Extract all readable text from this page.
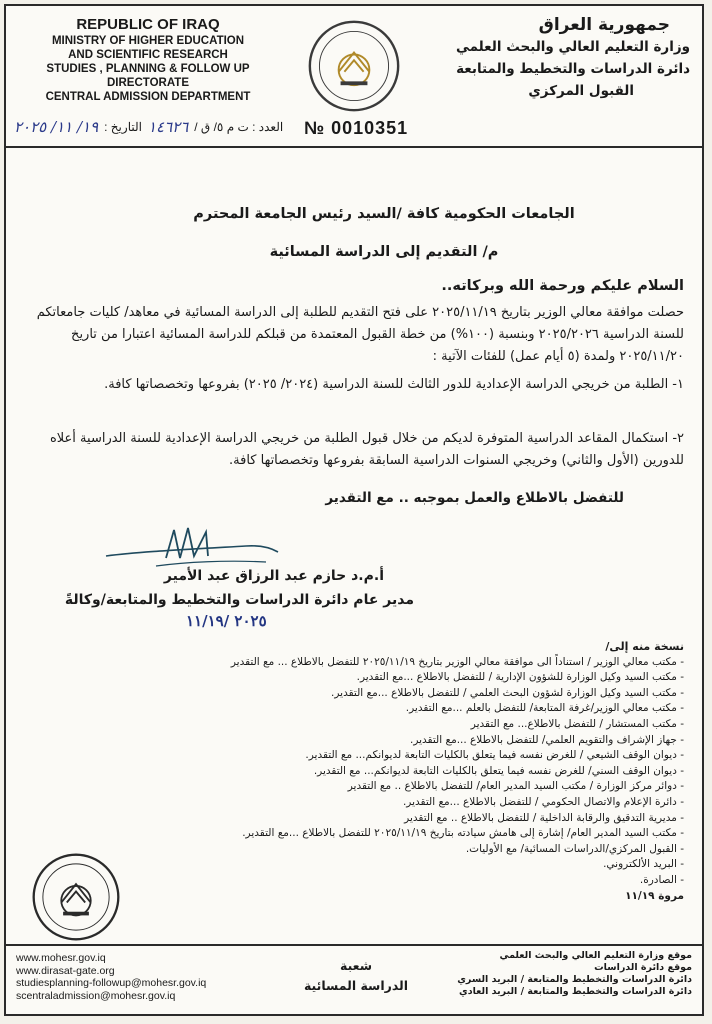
REPUBLIC OF IRAQ
MINISTRY OF HIGHER EDUCATION
AND SCIENTIFIC RESEARCH
STUDIES , PLANNING & FOLLOW UP DIRECTORATE
CENTRAL ADMISSION DEPARTMENT
جمهورية العراق
وزارة التعليم العالي والبحث العلمي
دائرة الدراسات والتخطيط والمتابعة
القبول المركزي
العدد : ت م ٥/ ق /
١٤٦٢٦
التاريخ :
١٩/ ١١/ ٢٠٢٥	№ 0010351
الجامعات الحكومية كافة /السيد رئيس الجامعة المحترم
م/ التقديم إلى الدراسة المسائية
السلام عليكم ورحمة الله وبركاته..
حصلت موافقة معالي الوزير بتاريخ ٢٠٢٥/١١/١٩ على فتح التقديم للطلبة إلى الدراسة المسائية في معاهد/ كليات جامعاتكم للسنة الدراسية ٢٠٢٥/٢٠٢٦ وبنسبة (١٠٠%) من خطة القبول المعتمدة من قبلكم للدراسة المسائية اعتبارا من تاريخ ٢٠٢٥/١١/٢٠ ولمدة (٥ أيام عمل) للفئات الآتية :
١- الطلبة من خريجي الدراسة الإعدادية للدور الثالث للسنة الدراسية (٢٠٢٤/ ٢٠٢٥) بفروعها وتخصصاتها كافة.
٢- استكمال المقاعد الدراسية المتوفرة لديكم من خلال قبول الطلبة من خريجي الدراسة الإعدادية للسنة الدراسية أعلاه للدورين (الأول والثاني) وخريجي السنوات الدراسية السابقة بفروعها وتخصصاتها كافة.
للتفضل بالاطلاع والعمل بموجبه .. مع التقدير
أ.م.د حازم عبد الرزاق عبد الأمير
مدير عام دائرة الدراسات والتخطيط والمتابعة/وكالةً
٢٠٢٥ /١١/١٩
نسخة منه إلى/
- مكتب معالي الوزير / استناداً الى موافقة معالي الوزير بتاريخ ٢٠٢٥/١١/١٩ للتفضل بالاطلاع ... مع التقدير
- مكتب السيد وكيل الوزارة للشؤون الإدارية / للتفضل بالاطلاع ...مع التقدير.
- مكتب السيد وكيل الوزارة لشؤون البحث العلمي / للتفضل بالاطلاع ...مع التقدير.
- مكتب معالي الوزير/غرفة المتابعة/ للتفضل بالعلم ...مع التقدير.
- مكتب المستشار / للتفضل بالاطلاع... مع التقدير
- جهاز الإشراف والتقويم العلمي/ للتفضل بالاطلاع ...مع التقدير.
- ديوان الوقف الشيعي / للغرض نفسه فيما يتعلق بالكليات التابعة لديوانكم... مع التقدير.
- ديوان الوقف السني/ للغرض نفسه فيما يتعلق بالكليات التابعة لديوانكم... مع التقدير.
- دوائر مركز الوزارة / مكتب السيد المدير العام/ للتفضل بالاطلاع .. مع التقدير
- دائرة الإعلام والاتصال الحكومي / للتفضل بالاطلاع ...مع التقدير.
- مديرية التدقيق والرقابة الداخلية / للتفضل بالاطلاع .. مع التقدير
- مكتب السيد المدير العام/ إشارة إلى هامش سيادته بتاريخ ٢٠٢٥/١١/١٩ للتفضل بالاطلاع ...مع التقدير.
- القبول المركزي/الدراسات المسائية/ مع الأوليات.
- البريد الألكتروني.
- الصادرة.
مروة ١١/١٩
www.mohesr.gov.iq
www.dirasat-gate.org
studiesplanning-followup@mohesr.gov.iq
scentraladmission@mohesr.gov.iq
شعبة
الدراسة المسائية
موقع وزارة التعليم العالي والبحث العلمي
موقع دائرة الدراسات
دائرة الدراسات والتخطيط والمتابعة / البريد السري
دائرة الدراسات والتخطيط والمتابعة / البريد العادي
